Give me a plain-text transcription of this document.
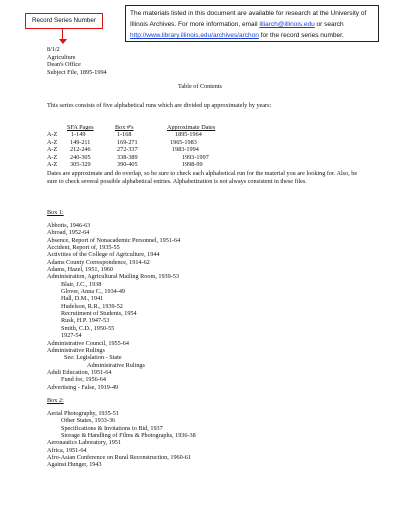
Record Series Number
The materials listed in this document are available for research at the University of
Illinois Archives. For more information, email illiarch@illinois.edu or search
http://www.library.illinois.edu/archives/archon for the record series number.
8/1/2
Agriculture
Dean's Office
Subject File, 1895-1994
Table of Contents
This series consists of five alphabetical runs which are divided up approximately by years:
SFA Pages	Box #'s	Approximate Dates
A-Z 1-149	1-168	1895-1964
A-Z 149-211	169-271	1965-1983
A-Z 212-246	272-337	1983-1994
A-Z 240-305	338-389	1993-1997
A-Z 305-329	390-405	1998-99
Dates are approximate and do overlap, so be sure to check each alphabetical run for the material you are looking for. Also, be sure to check several possible alphabetical entries. Alphabetization is not always consistent in these files.
Box 1:
Abbotts, 1946-63
Abroad, 1952-64
Absence, Report of Nonacademic Personnel, 1951-64
Accident, Report of, 1935-55
Activities of the College of Agriculture, 1944
Adams County Correspondence, 1914-62
Adams, Hazel, 1951, 1960
Administration, Agricultural Mailing Room, 1939-53
Blair, J.C., 1938
Glover, Anna C., 1934-49
Hall, D.M., 1941
Hudelson, R.R., 1939-52
Recruitment of Students, 1954
Rusk, H.P. 1947-53
Smith, C.D., 1950-55
1927-54
Administrative Council, 1955-64
Administrative Rulings
See: Legislation - State
Administrative Rulings
Adult Education, 1951-64
Fund for, 1956-64
Advertising - False, 1919-49
Box 2:
Aerial Photography, 1935-51
Other States, 1933-36
Specifications & Invitations to Bid, 1937
Storage & Handling of Films & Photographs, 1936-38
Aeronautics Laboratory, 1951
Africa, 1951-64
Afro-Asian Conference on Rural Reconstruction, 1960-61
Against Hunger, 1943
